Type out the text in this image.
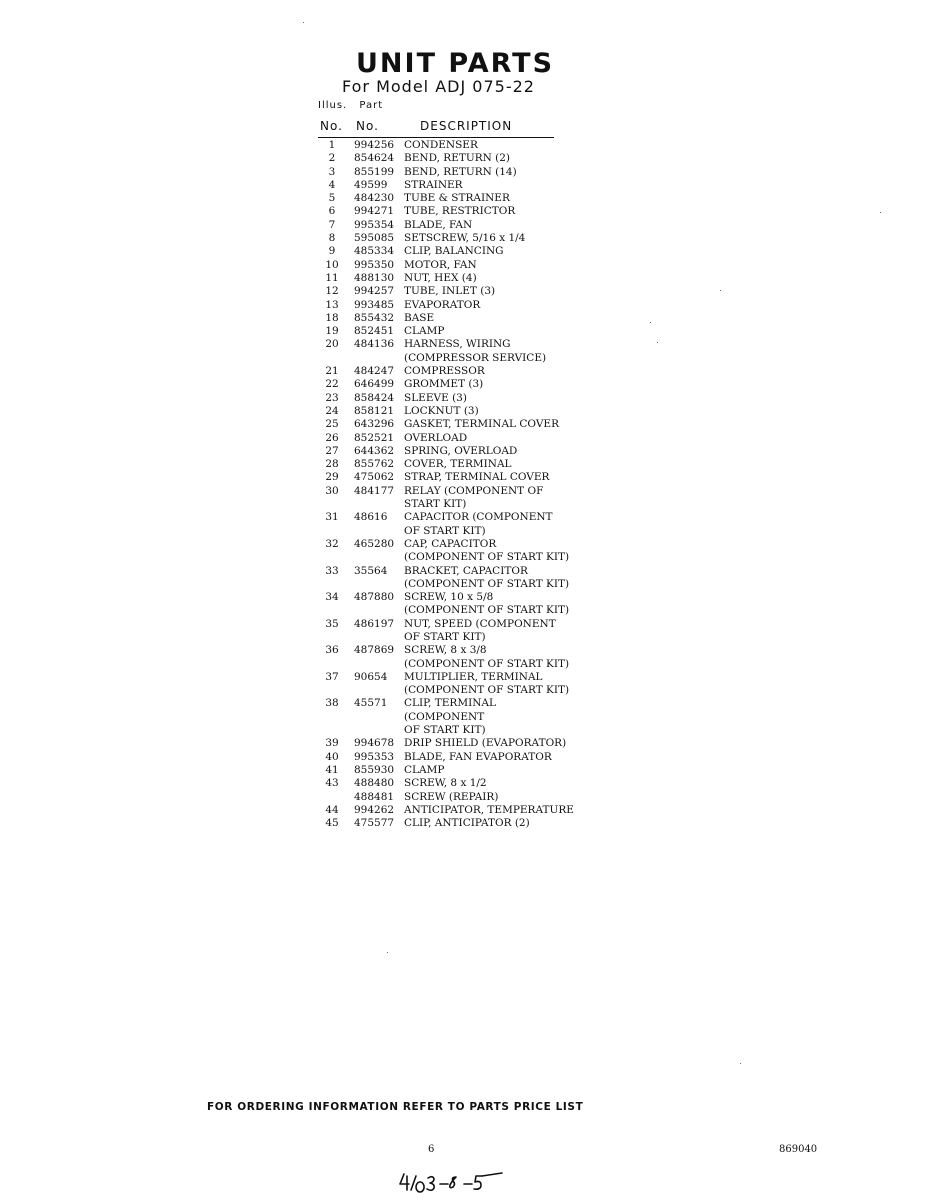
UNIT PARTS
For Model ADJ 075-22
Illus. Part
No. No.	DESCRIPTION
1	994256 CONDENSER
2	854624 BEND, RETURN (2)
3	855199 BEND, RETURN (14)
4	49599	STRAINER
5	484230 TUBE & STRAINER
6	994271 TUBE, RESTRICTOR
7	995354 BLADE, FAN
8	595085 SETSCREW, 5/16 x 1/4
9	485334 CLIP, BALANCING
10	995350 MOTOR, FAN
11	488130 NUT, HEX (4)
12	994257 TUBE, INLET (3)
13	993485 EVAPORATOR
18	855432 BASE
19	852451 CLAMP
20	484136 HARNESS, WIRING
(COMPRESSOR SERVICE)
21	484247 COMPRESSOR
22	646499 GROMMET (3)
23	858424 SLEEVE (3)
24	858121 LOCKNUT (3)
25	643296 GASKET, TERMINAL COVER
26	852521 OVERLOAD
27	644362 SPRING, OVERLOAD
28	855762 COVER, TERMINAL
29	475062 STRAP, TERMINAL COVER
30	484177 RELAY (COMPONENT OF
START KIT)
31	48616	CAPACITOR (COMPONENT
OF START KIT)
32	465280 CAP, CAPACITOR
(COMPONENT OF START KIT)
33	35564	BRACKET, CAPACITOR
(COMPONENT OF START KIT)
34	487880 SCREW, 10 x 5/8
(COMPONENT OF START KIT)
35	486197 NUT, SPEED (COMPONENT
OF START KIT)
36	487869 SCREW, 8 x 3/8
(COMPONENT OF START KIT)
37	90654	MULTIPLIER, TERMINAL
(COMPONENT OF START KIT)
38	45571	CLIP, TERMINAL (COMPONENT
OF START KIT)
39	994678 DRIP SHIELD (EVAPORATOR)
40	995353 BLADE, FAN EVAPORATOR
41	855930 CLAMP
43	488480 SCREW, 8 x 1/2
488481 SCREW (REPAIR)
44	994262 ANTICIPATOR, TEMPERATURE
45	475577 CLIP, ANTICIPATOR (2)
FOR ORDERING INFORMATION REFER TO PARTS PRICE LIST
6	869040
